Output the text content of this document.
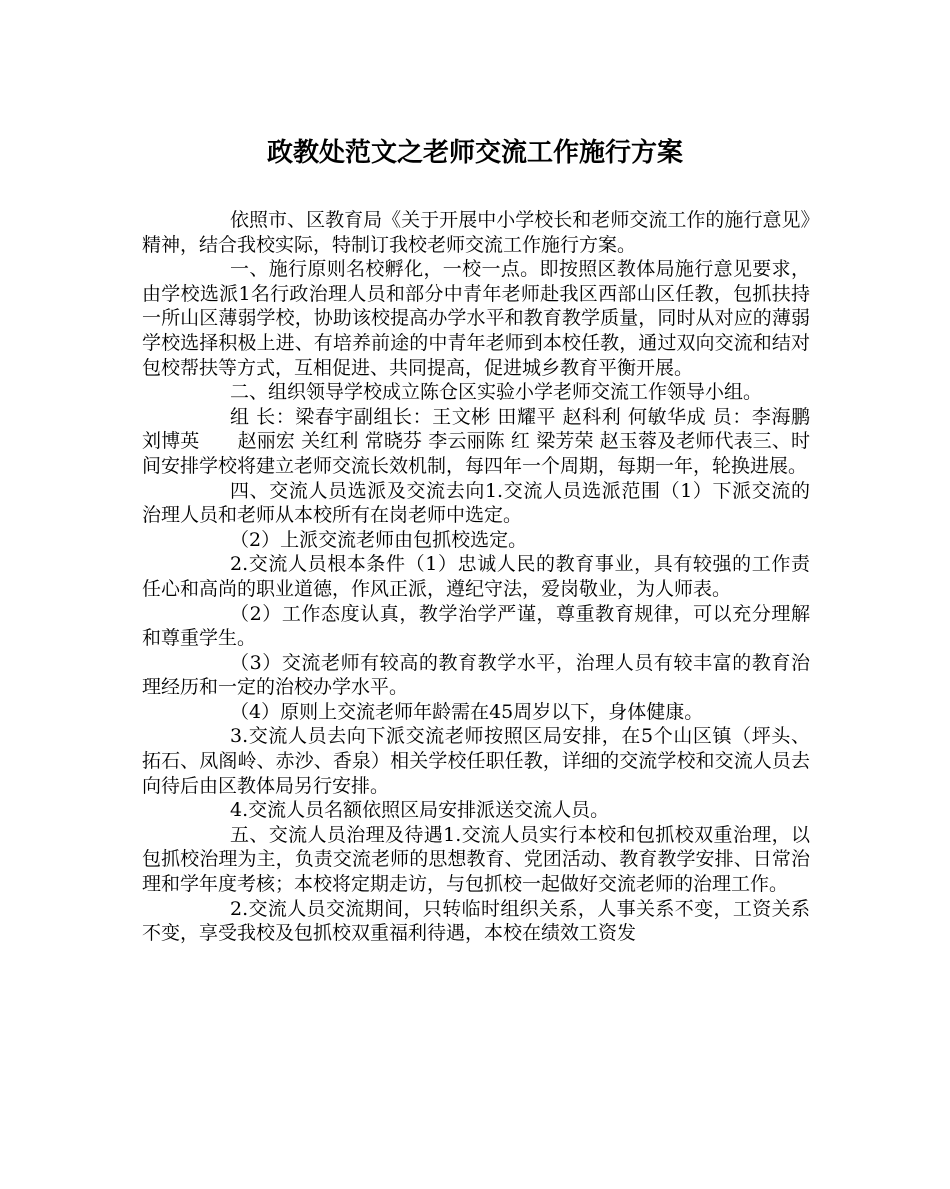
政教处范文之老师交流工作施行方案

依照市、区教育局《关于开展中小学校长和老师交流工作的施行意见》精神，结合我校实际，特制订我校老师交流工作施行方案。

一、施行原则名校孵化，一校一点。即按照区教体局施行意见要求，由学校选派1名行政治理人员和部分中青年老师赴我区西部山区任教，包抓扶持一所山区薄弱学校，协助该校提高办学水平和教育教学质量，同时从对应的薄弱学校选择积极上进、有培养前途的中青年老师到本校任教，通过双向交流和结对包校帮扶等方式，互相促进、共同提高，促进城乡教育平衡开展。

二、组织领导学校成立陈仓区实验小学老师交流工作领导小组。

组 长：梁春宇副组长：王文彬 田耀平 赵科利 何敏华成 员：李海鹏 刘博英　　赵丽宏 关红利 常晓芬 李云丽陈 红 梁芳荣 赵玉蓉及老师代表三、时间安排学校将建立老师交流长效机制，每四年一个周期，每期一年，轮换进展。

四、交流人员选派及交流去向1.交流人员选派范围（1）下派交流的治理人员和老师从本校所有在岗老师中选定。

（2）上派交流老师由包抓校选定。

2.交流人员根本条件（1）忠诚人民的教育事业，具有较强的工作责任心和高尚的职业道德，作风正派，遵纪守法，爱岗敬业，为人师表。

（2）工作态度认真，教学治学严谨，尊重教育规律，可以充分理解和尊重学生。

（3）交流老师有较高的教育教学水平，治理人员有较丰富的教育治理经历和一定的治校办学水平。

（4）原则上交流老师年龄需在45周岁以下，身体健康。

3.交流人员去向下派交流老师按照区局安排，在5个山区镇（坪头、拓石、凤阁岭、赤沙、香泉）相关学校任职任教，详细的交流学校和交流人员去向待后由区教体局另行安排。

4.交流人员名额依照区局安排派送交流人员。

五、交流人员治理及待遇1.交流人员实行本校和包抓校双重治理，以包抓校治理为主，负责交流老师的思想教育、党团活动、教育教学安排、日常治理和学年度考核；本校将定期走访，与包抓校一起做好交流老师的治理工作。

2.交流人员交流期间，只转临时组织关系，人事关系不变，工资关系不变，享受我校及包抓校双重福利待遇，本校在绩效工资发
